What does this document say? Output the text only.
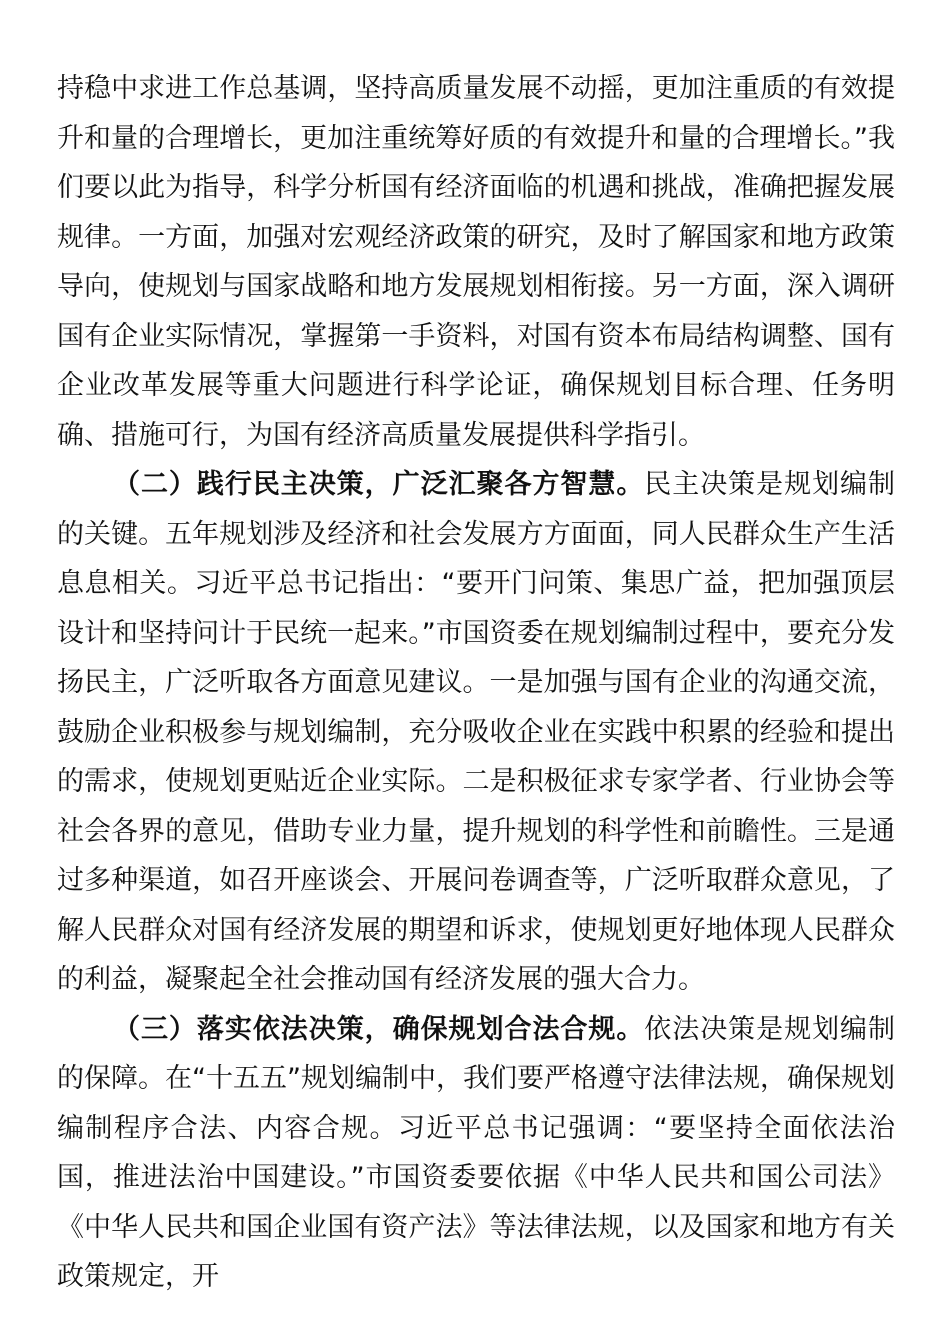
持稳中求进工作总基调，坚持高质量发展不动摇，更加注重质的有效提升和量的合理增长，更加注重统筹好质的有效提升和量的合理增长。”我们要以此为指导，科学分析国有经济面临的机遇和挑战，准确把握发展规律。一方面，加强对宏观经济政策的研究，及时了解国家和地方政策导向，使规划与国家战略和地方发展规划相衔接。另一方面，深入调研国有企业实际情况，掌握第一手资料，对国有资本布局结构调整、国有企业改革发展等重大问题进行科学论证，确保规划目标合理、任务明确、措施可行，为国有经济高质量发展提供科学指引。

（二）践行民主决策，广泛汇聚各方智慧。民主决策是规划编制的关键。五年规划涉及经济和社会发展方方面面，同人民群众生产生活息息相关。习近平总书记指出：“要开门问策、集思广益，把加强顶层设计和坚持问计于民统一起来。”市国资委在规划编制过程中，要充分发扬民主，广泛听取各方面意见建议。一是加强与国有企业的沟通交流，鼓励企业积极参与规划编制，充分吸收企业在实践中积累的经验和提出的需求，使规划更贴近企业实际。二是积极征求专家学者、行业协会等社会各界的意见，借助专业力量，提升规划的科学性和前瞻性。三是通过多种渠道，如召开座谈会、开展问卷调查等，广泛听取群众意见，了解人民群众对国有经济发展的期望和诉求，使规划更好地体现人民群众的利益，凝聚起全社会推动国有经济发展的强大合力。

（三）落实依法决策，确保规划合法合规。依法决策是规划编制的保障。在“十五五”规划编制中，我们要严格遵守法律法规，确保规划编制程序合法、内容合规。习近平总书记强调：“要坚持全面依法治国，推进法治中国建设。”市国资委要依据《中华人民共和国公司法》《中华人民共和国企业国有资产法》等法律法规，以及国家和地方有关政策规定，开
